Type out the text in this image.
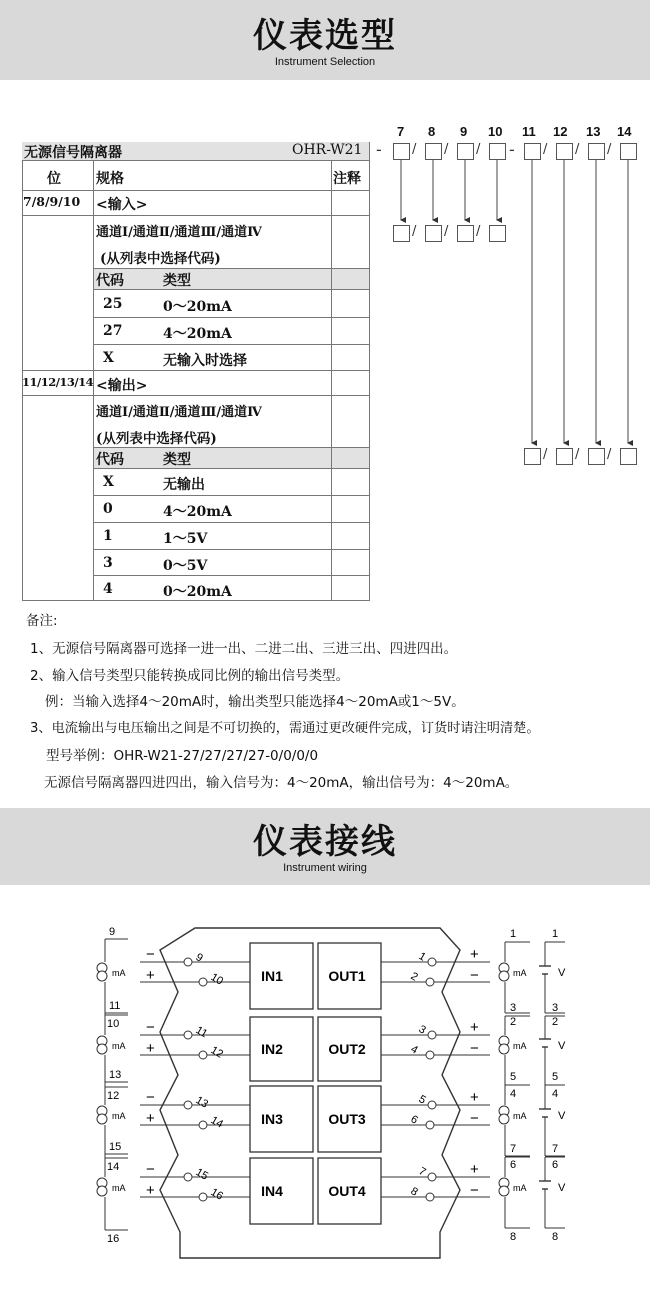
仪表选型
Instrument Selection
7 8 9 10 11 12 13 14
-	-
/ / /	/ / /
/ / /
/ / /
无源信号隔离器	OHR-W21
位	规格	注释
7/8/9/10 <输入>
通道Ⅰ/通道Ⅱ/通道Ⅲ/通道Ⅳ
(从列表中选择代码)
代码	类型
25	0～20mA
27	4～20mA
X	无输入时选择
11/12/13/14 <输出>
通道Ⅰ/通道Ⅱ/通道Ⅲ/通道Ⅳ
(从列表中选择代码)
代码	类型
X	无输出
0	4～20mA
1	1～5V
3	0～5V
4	0～20mA
备注:
1、无源信号隔离器可选择一进一出、二进二出、三进三出、四进四出。
2、输入信号类型只能转换成同比例的输出信号类型。
例：当输入选择4～20mA时，输出类型只能选择4～20mA或1～5V。
3、电流输出与电压输出之间是不可切换的，需通过更改硬件完成，订货时请注明清楚。
型号举例：OHR-W21-27/27/27/27-0/0/0/0
无源信号隔离器四进四出，输入信号为：4～20mA，输出信号为：4～20mA。
仪表接线
Instrument wiring
IN1	OUT1
9
10
−
+
1
2
+
−
9
mA
10
1
mA
2
1
V
2
IN2	OUT2
11
12
−
+
3
4
+
−
11
mA
12
3
mA
4
3
V
4
IN3	OUT3
13
14
−
+
5
6
+
−
13
mA
14
5
mA
6
5
V
6
IN4	OUT4
15
16
−
+
7
8
+
−
15
mA
16
7
mA
8
7
V
8
